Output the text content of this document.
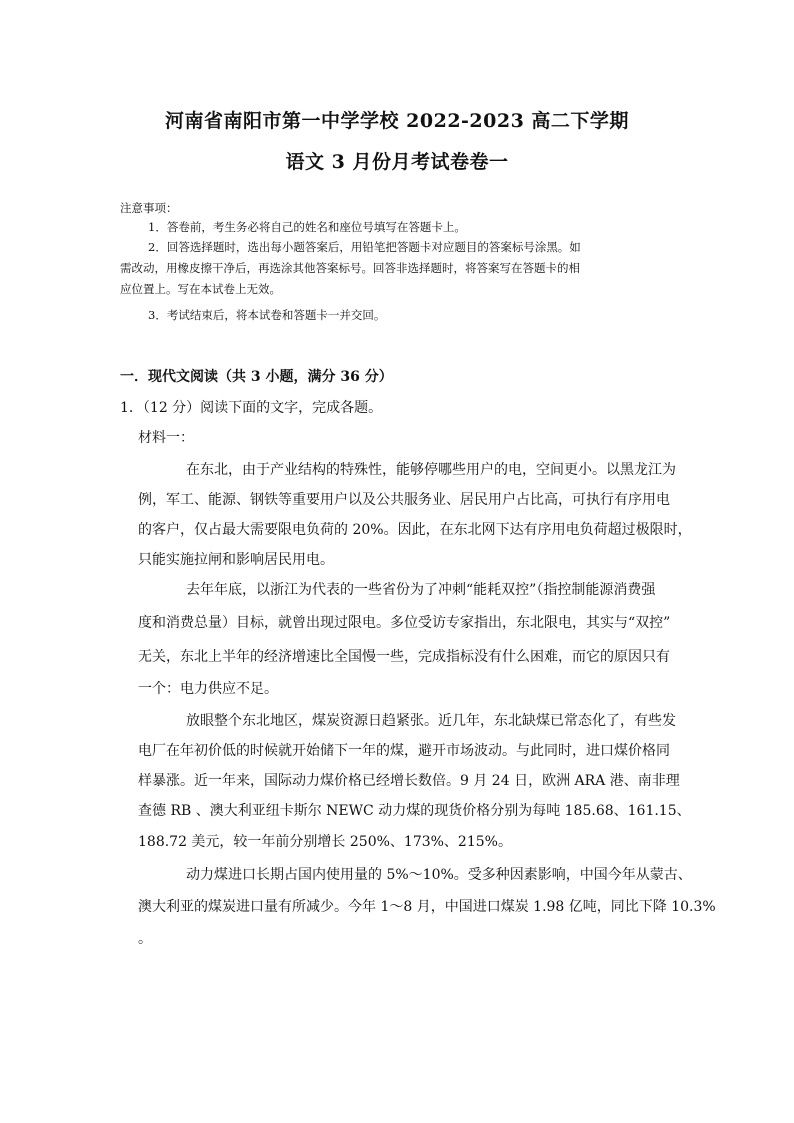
河南省南阳市第一中学学校 2022-2023 高二下学期
语文 3 月份月考试卷卷一
注意事项：
1．答卷前，考生务必将自己的姓名和座位号填写在答题卡上。
2．回答选择题时，选出每小题答案后，用铅笔把答题卡对应题目的答案标号涂黑。如
需改动，用橡皮擦干净后，再选涂其他答案标号。回答非选择题时，将答案写在答题卡的相
应位置上。写在本试卷上无效。
3．考试结束后，将本试卷和答题卡一并交回。
一．现代文阅读（共 3 小题，满分 36 分）
1．（12 分）阅读下面的文字，完成各题。
材料一：
在东北，由于产业结构的特殊性，能够停哪些用户的电，空间更小。以黑龙江为
例，军工、能源、钢铁等重要用户以及公共服务业、居民用户占比高，可执行有序用电
的客户，仅占最大需要限电负荷的 20%。因此，在东北网下达有序用电负荷超过极限时，
只能实施拉闸和影响居民用电。
去年年底，以浙江为代表的一些省份为了冲刺“能耗双控”（指控制能源消费强
度和消费总量）目标，就曾出现过限电。多位受访专家指出，东北限电，其实与“双控”
无关，东北上半年的经济增速比全国慢一些，完成指标没有什么困难，而它的原因只有
一个：电力供应不足。
放眼整个东北地区，煤炭资源日趋紧张。近几年，东北缺煤已常态化了，有些发
电厂在年初价低的时候就开始储下一年的煤，避开市场波动。与此同时，进口煤价格同
样暴涨。近一年来，国际动力煤价格已经增长数倍。9 月 24 日，欧洲 ARA 港、南非理
查德 RB 、澳大利亚纽卡斯尔 NEWC 动力煤的现货价格分别为每吨 185.68、161.15、
188.72 美元，较一年前分别增长 250%、173%、215%。
动力煤进口长期占国内使用量的 5%～10%。受多种因素影响，中国今年从蒙古、
澳大利亚的煤炭进口量有所减少。今年 1～8 月，中国进口煤炭 1.98 亿吨，同比下降 10.3%
。
